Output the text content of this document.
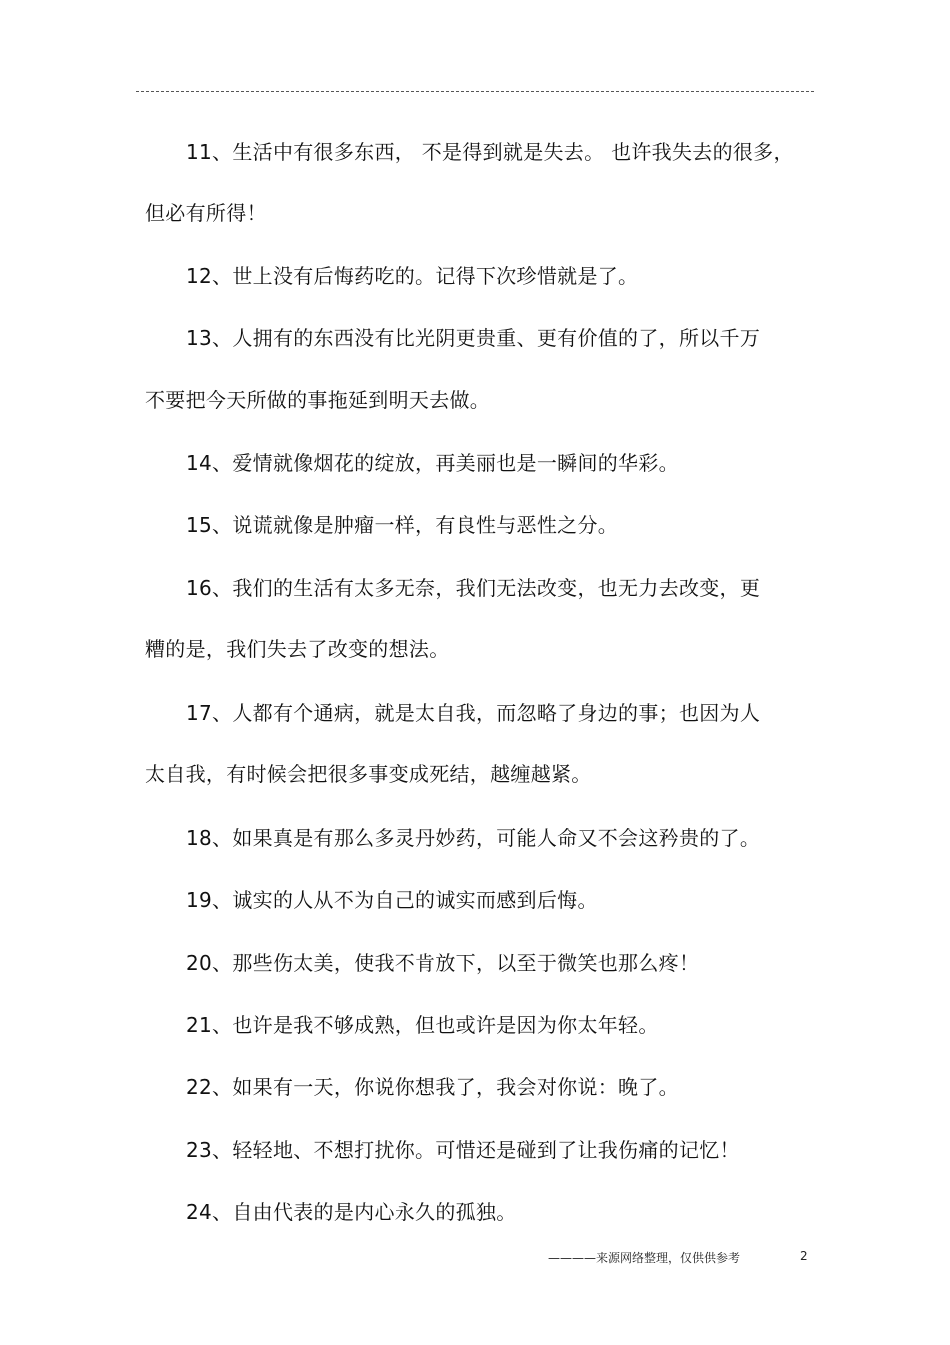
11、生活中有很多东西， 不是得到就是失去。 也许我失去的很多，
但必有所得！
12、世上没有后悔药吃的。记得下次珍惜就是了。
13、人拥有的东西没有比光阴更贵重、更有价值的了，所以千万
不要把今天所做的事拖延到明天去做。
14、爱情就像烟花的绽放，再美丽也是一瞬间的华彩。
15、说谎就像是肿瘤一样，有良性与恶性之分。
16、我们的生活有太多无奈，我们无法改变，也无力去改变，更
糟的是，我们失去了改变的想法。
17、人都有个通病，就是太自我，而忽略了身边的事；也因为人
太自我，有时候会把很多事变成死结，越缠越紧。
18、如果真是有那么多灵丹妙药，可能人命又不会这矜贵的了。
19、诚实的人从不为自己的诚实而感到后悔。
20、那些伤太美，使我不肯放下，以至于微笑也那么疼！
21、也许是我不够成熟，但也或许是因为你太年轻。
22、如果有一天，你说你想我了，我会对你说：晚了。
23、轻轻地、不想打扰你。可惜还是碰到了让我伤痛的记忆！
24、自由代表的是内心永久的孤独。
————来源网络整理，仅供供参考	2
